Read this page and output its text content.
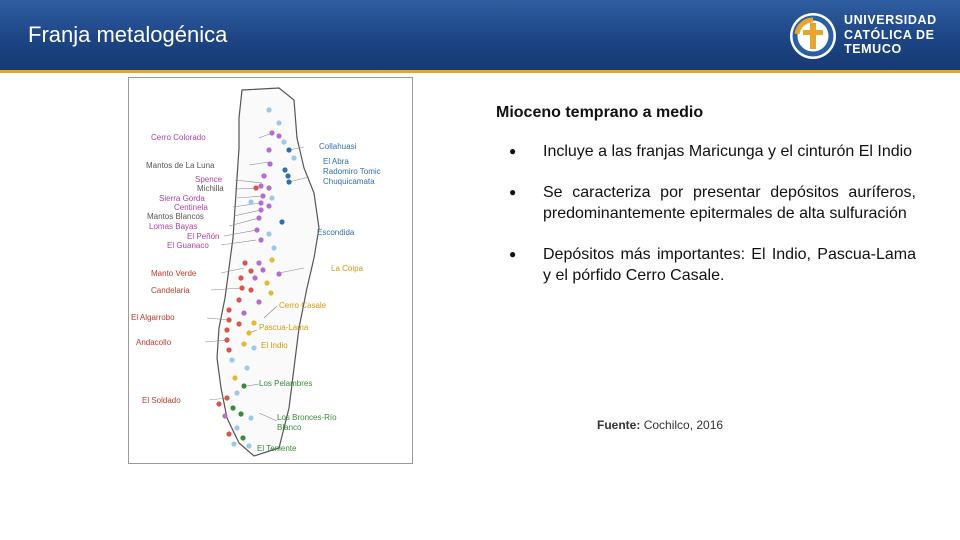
Franja metalogénica
UNIVERSIDAD
CATÓLICA DE
TEMUCO
Cerro Colorado
Mantos de La Luna
Spence
Michilla
Sierra Gorda
Centinela
Mantos Blancos
Lomas Bayas
El Peñón
El Guanaco
Manto Verde
Candelaria
El Algarrobo
Andacollo
El Soldado
Collahuasi
El Abra
Radomiro Tomic
Chuquicamata
Escondida
La Coipa
Cerro Casale
Pascua-Lama
El Indio
Los Pelambres
Los Bronces-Río
Blanco
El Teniente
Mioceno temprano a medio
● Incluye a las franjas Maricunga y el cinturón El Indio
● Se caracteriza por presentar depósitos auríferos, predominantemente epitermales de alta sulfuración
● Depósitos más importantes: El Indio, Pascua-Lama y el pórfido Cerro Casale.
Fuente: Cochilco, 2016
